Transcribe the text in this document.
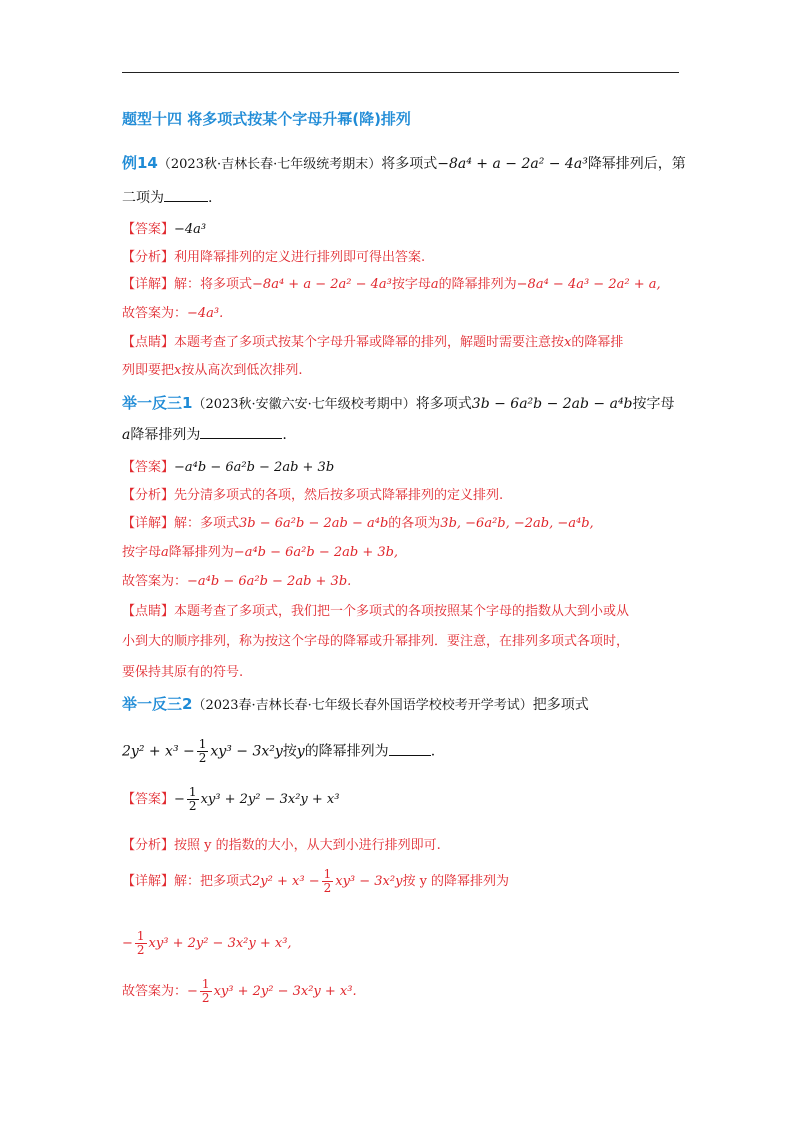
题型十四 将多项式按某个字母升幂(降)排列
例14（2023秋·吉林长春·七年级统考期末）将多项式−8a⁴ + a − 2a² − 4a³降幂排列后，第
二项为	.
【答案】−4a³
【分析】利用降幂排列的定义进行排列即可得出答案.
【详解】解：将多项式−8a⁴ + a − 2a² − 4a³按字母a的降幂排列为−8a⁴ − 4a³ − 2a² + a,
故答案为：−4a³.
【点睛】本题考查了多项式按某个字母升幂或降幂的排列，解题时需要注意按x的降幂排
列即要把x按从高次到低次排列.
举一反三1（2023秋·安徽六安·七年级校考期中）将多项式3b − 6a²b − 2ab − a⁴b按字母
a降幂排列为	.
【答案】−a⁴b − 6a²b − 2ab + 3b
【分析】先分清多项式的各项，然后按多项式降幂排列的定义排列.
【详解】解：多项式3b − 6a²b − 2ab − a⁴b的各项为3b, −6a²b, −2ab, −a⁴b,
按字母a降幂排列为−a⁴b − 6a²b − 2ab + 3b,
故答案为：−a⁴b − 6a²b − 2ab + 3b.
【点睛】本题考查了多项式，我们把一个多项式的各项按照某个字母的指数从大到小或从
小到大的顺序排列，称为按这个字母的降幂或升幂排列．要注意，在排列多项式各项时，
要保持其原有的符号.
举一反三2（2023春·吉林长春·七年级长春外国语学校校考开学考试）把多项式
$2y^2 + x^3 - \frac{1}{2} xy^3 - 3x^2y$按y的降幂排列为	.
【答案】− $\frac{1}{2} xy^3 + 2y^2 - 3x^2y + x^3$
【分析】按照 y 的指数的大小，从大到小进行排列即可.
【详解】解：把多项式$2y^2 + x^3 - \frac{1}{2} xy^3 - 3x^2y$按 y 的降幂排列为
− $\frac{1}{2} xy^3 + 2y^2 - 3x^2y + x^3$,
故答案为：− $\frac{1}{2} xy^3 + 2y^2 - 3x^2y + x^3$.
